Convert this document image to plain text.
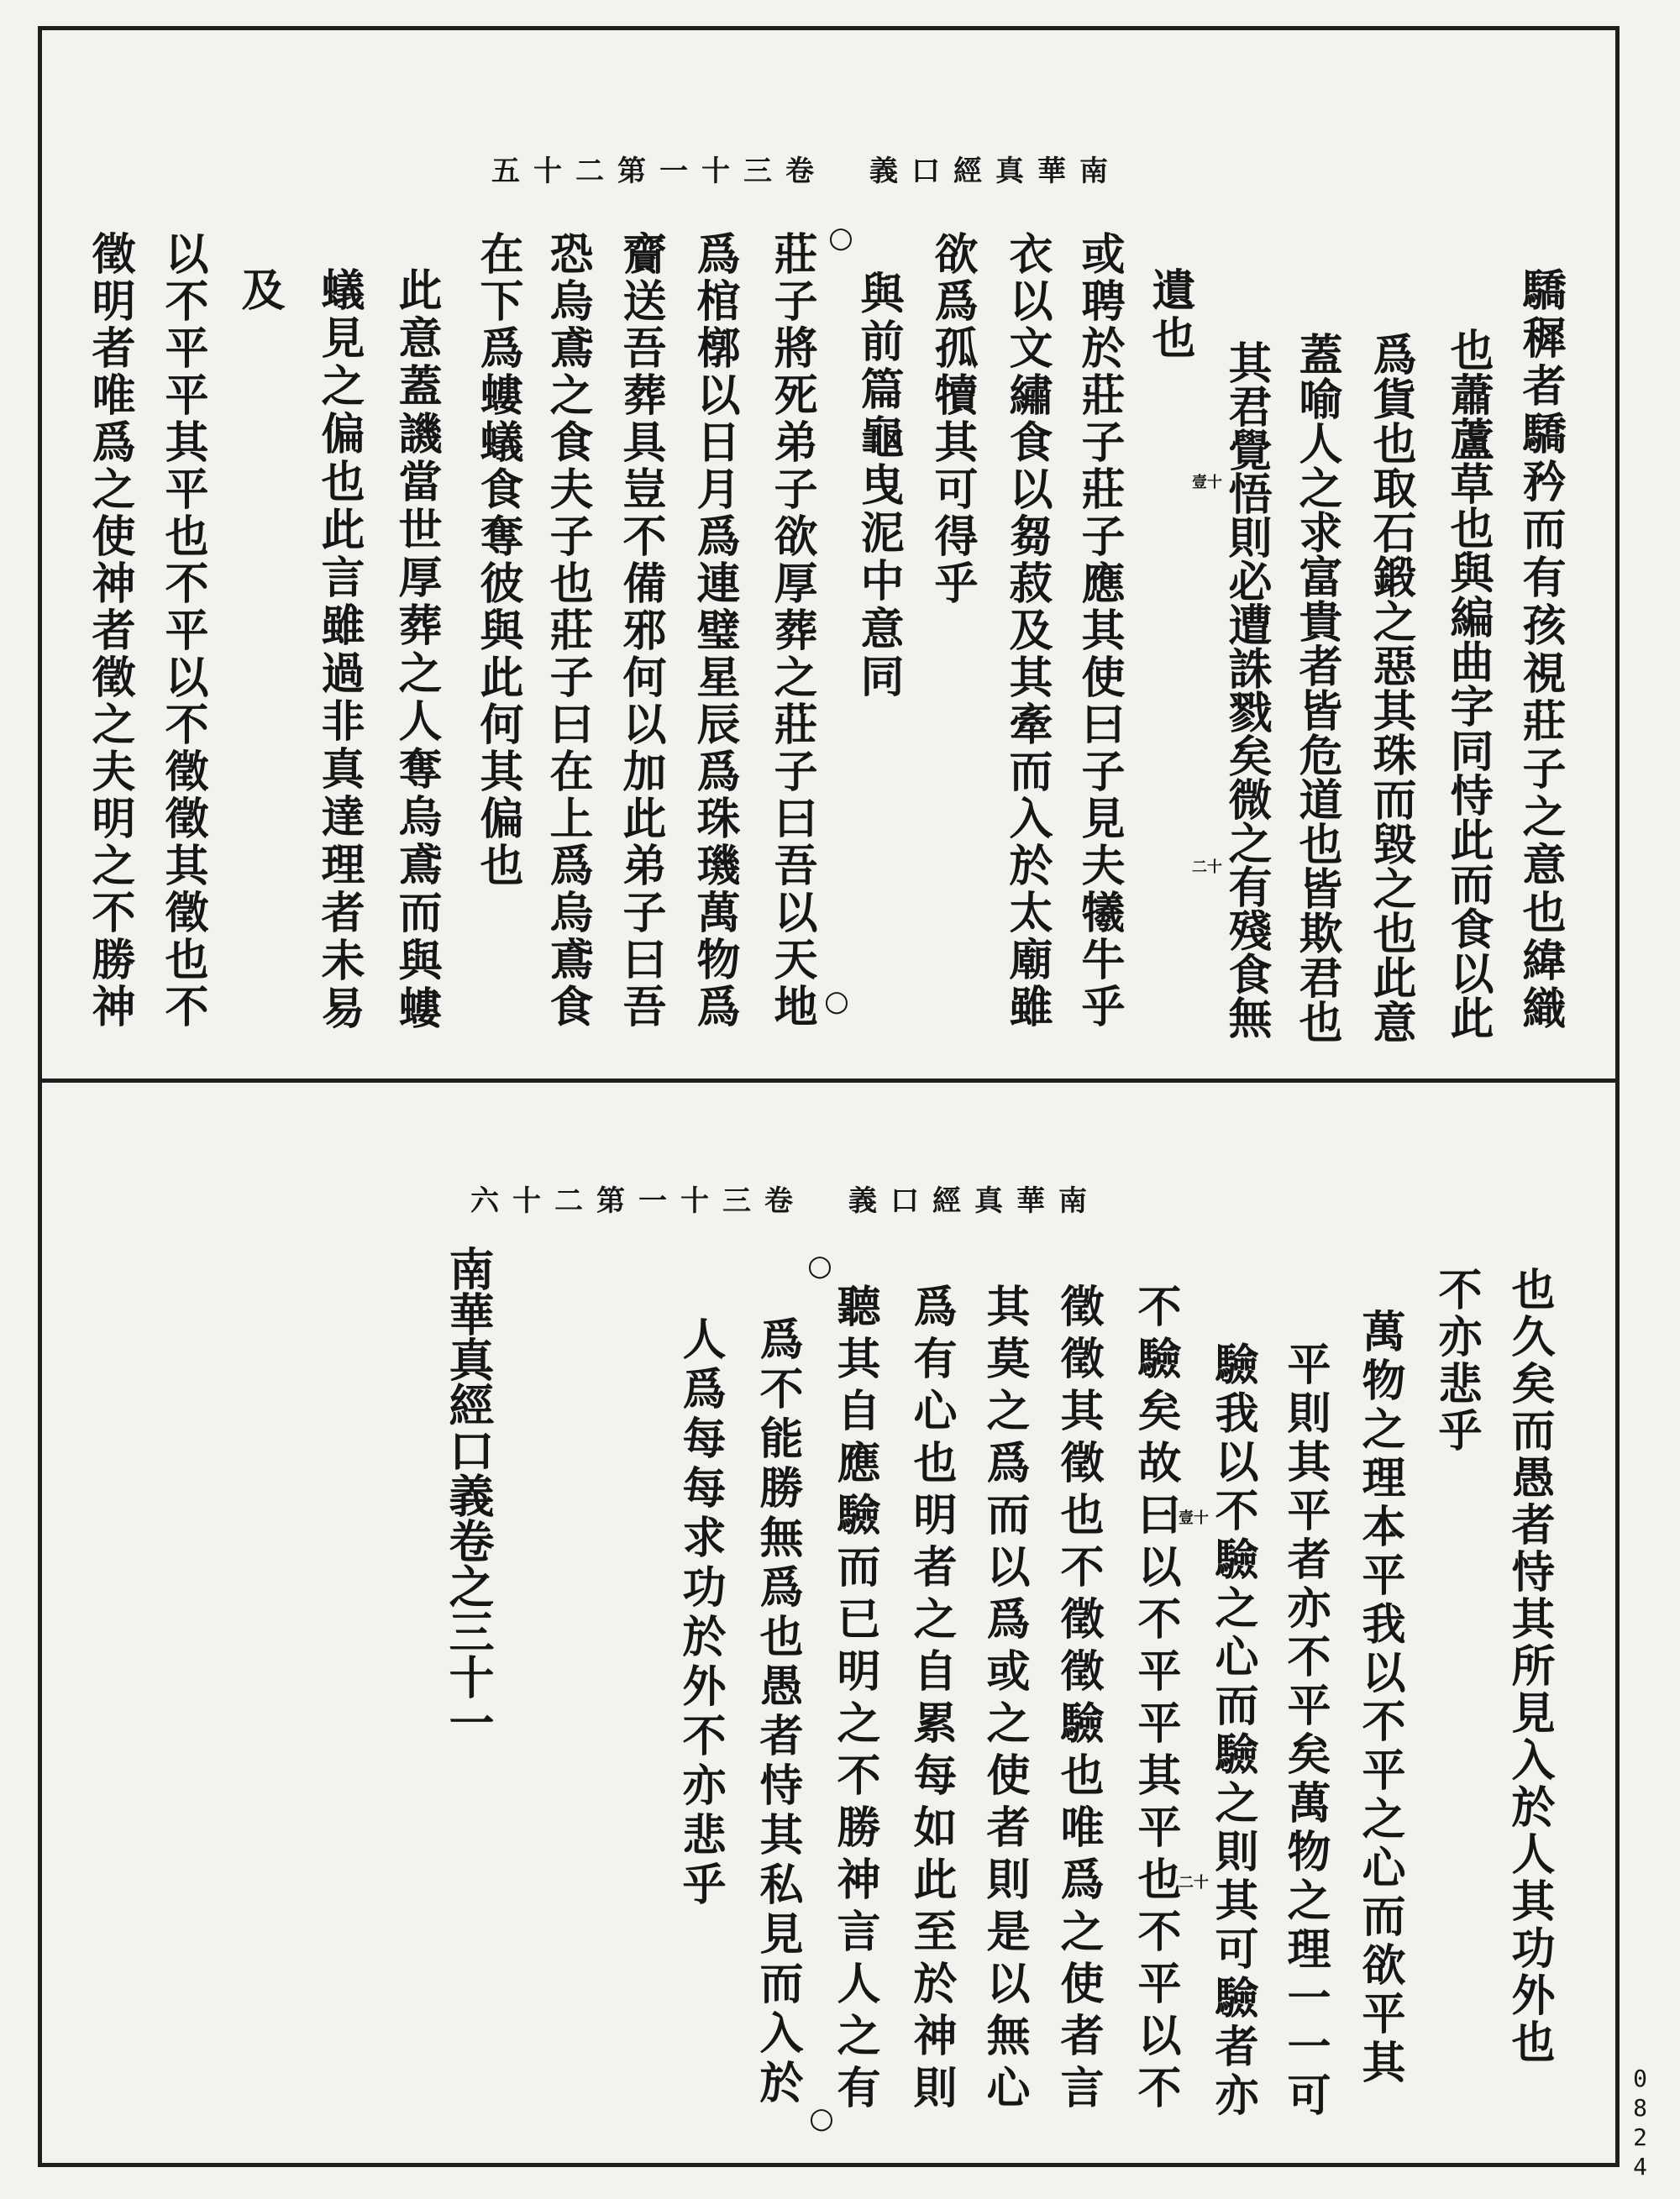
南華真經口義　卷三十一第二十五
驕穉者驕矜而有孩視莊子之意也緯織
也蕭蘆草也與編曲字同恃此而食以此
爲貨也取石鍛之惡其珠而毀之也此意
蓋喻人之求富貴者皆危道也皆欺君也
其君覺悟則必遭誅戮矣微之有殘食無
遺也
或聘於莊子莊子應其使曰子見夫犧牛乎
衣以文繡食以芻菽及其牽而入於太廟雖
欲爲孤犢其可得乎
與前篇龜曳泥中意同
莊子將死弟子欲厚葬之莊子曰吾以天地
爲棺槨以日月爲連璧星辰爲珠璣萬物爲
齎送吾葬具豈不備邪何以加此弟子曰吾
恐烏鳶之食夫子也莊子曰在上爲烏鳶食
在下爲螻蟻食奪彼與此何其偏也
此意蓋譏當世厚葬之人奪烏鳶而與螻
蟻見之偏也此言雖過非真達理者未易
及
以不平平其平也不平以不徵徵其徵也不
徵明者唯爲之使神者徵之夫明之不勝神	壹十
二十
○
○
南華真經口義　卷三十一第二十六
也久矣而愚者恃其所見入於人其功外也
不亦悲乎
萬物之理本平我以不平之心而欲平其
平則其平者亦不平矣萬物之理一一可
驗我以不驗之心而驗之則其可驗者亦
不驗矣故曰以不平平其平也不平以不
徵徵其徵也不徵徵驗也唯爲之使者言
其莫之爲而以爲或之使者則是以無心
爲有心也明者之自累每如此至於神則
聽其自應驗而已明之不勝神言人之有
爲不能勝無爲也愚者恃其私見而入於
人爲每每求功於外不亦悲乎
南華真經口義卷之三十一	壹十
二十
○
○	0824
